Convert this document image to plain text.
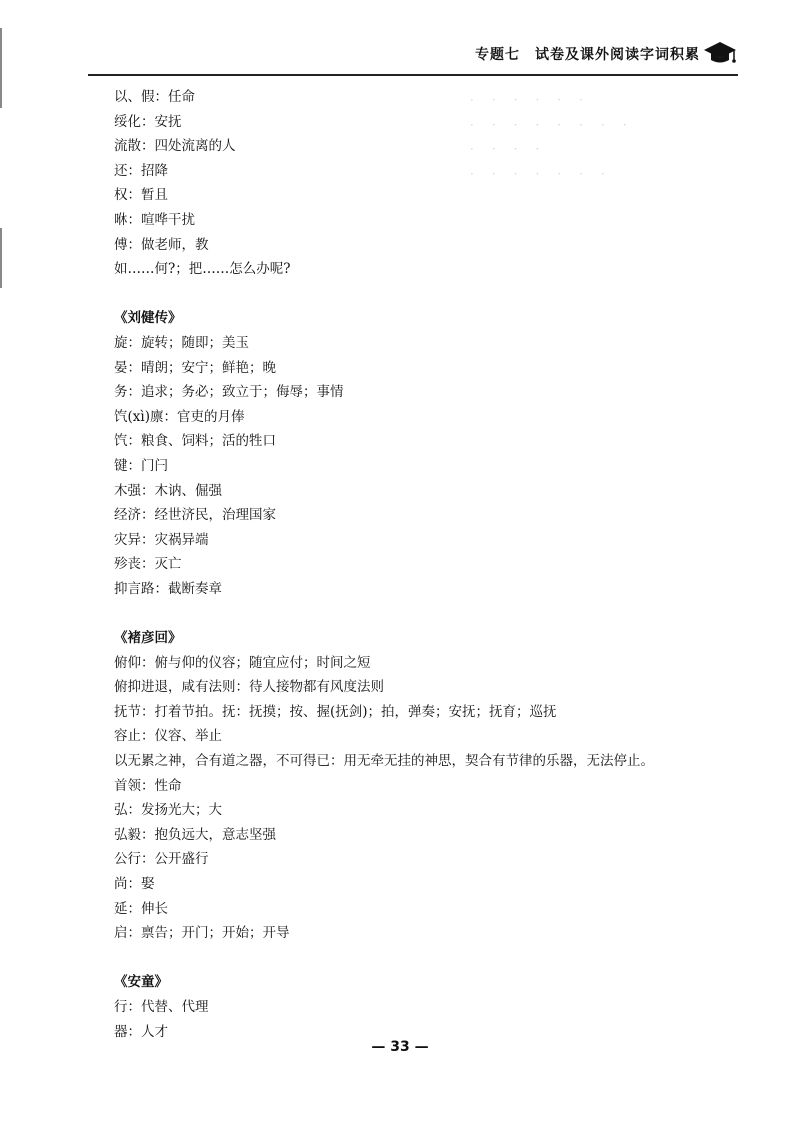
专题七　试卷及课外阅读字词积累
·　·　·　·　·　·
·　·　·　·　·　·　·　·
·　·　·　·
·　·　·　·　·　·　·
以、假：任命
绥化：安抚
流散：四处流离的人
还：招降
权：暂且
咻：喧哗干扰
傅：做老师，教
如……何?；把……怎么办呢?
《刘健传》
旋：旋转；随即；美玉
晏：晴朗；安宁；鲜艳；晚
务：追求；务必；致立于；侮辱；事情
饩(xì)廪：官吏的月俸
饩：粮食、饲料；活的牲口
键：门闩
木强：木讷、倔强
经济：经世济民，治理国家
灾异：灾祸异端
殄丧：灭亡
抑言路：截断奏章
《褚彦回》
俯仰：俯与仰的仪容；随宜应付；时间之短
俯抑进退，咸有法则：待人接物都有风度法则
抚节：打着节拍。抚：抚摸；按、握(抚剑)；拍，弹奏；安抚；抚育；巡抚
容止：仪容、举止
以无累之神，合有道之器，不可得已：用无牵无挂的神思，契合有节律的乐器，无法停止。
首领：性命
弘：发扬光大；大
弘毅：抱负远大，意志坚强
公行：公开盛行
尚：娶
延：伸长
启：禀告；开门；开始；开导
《安童》
行：代替、代理
器：人才
— 33 —
